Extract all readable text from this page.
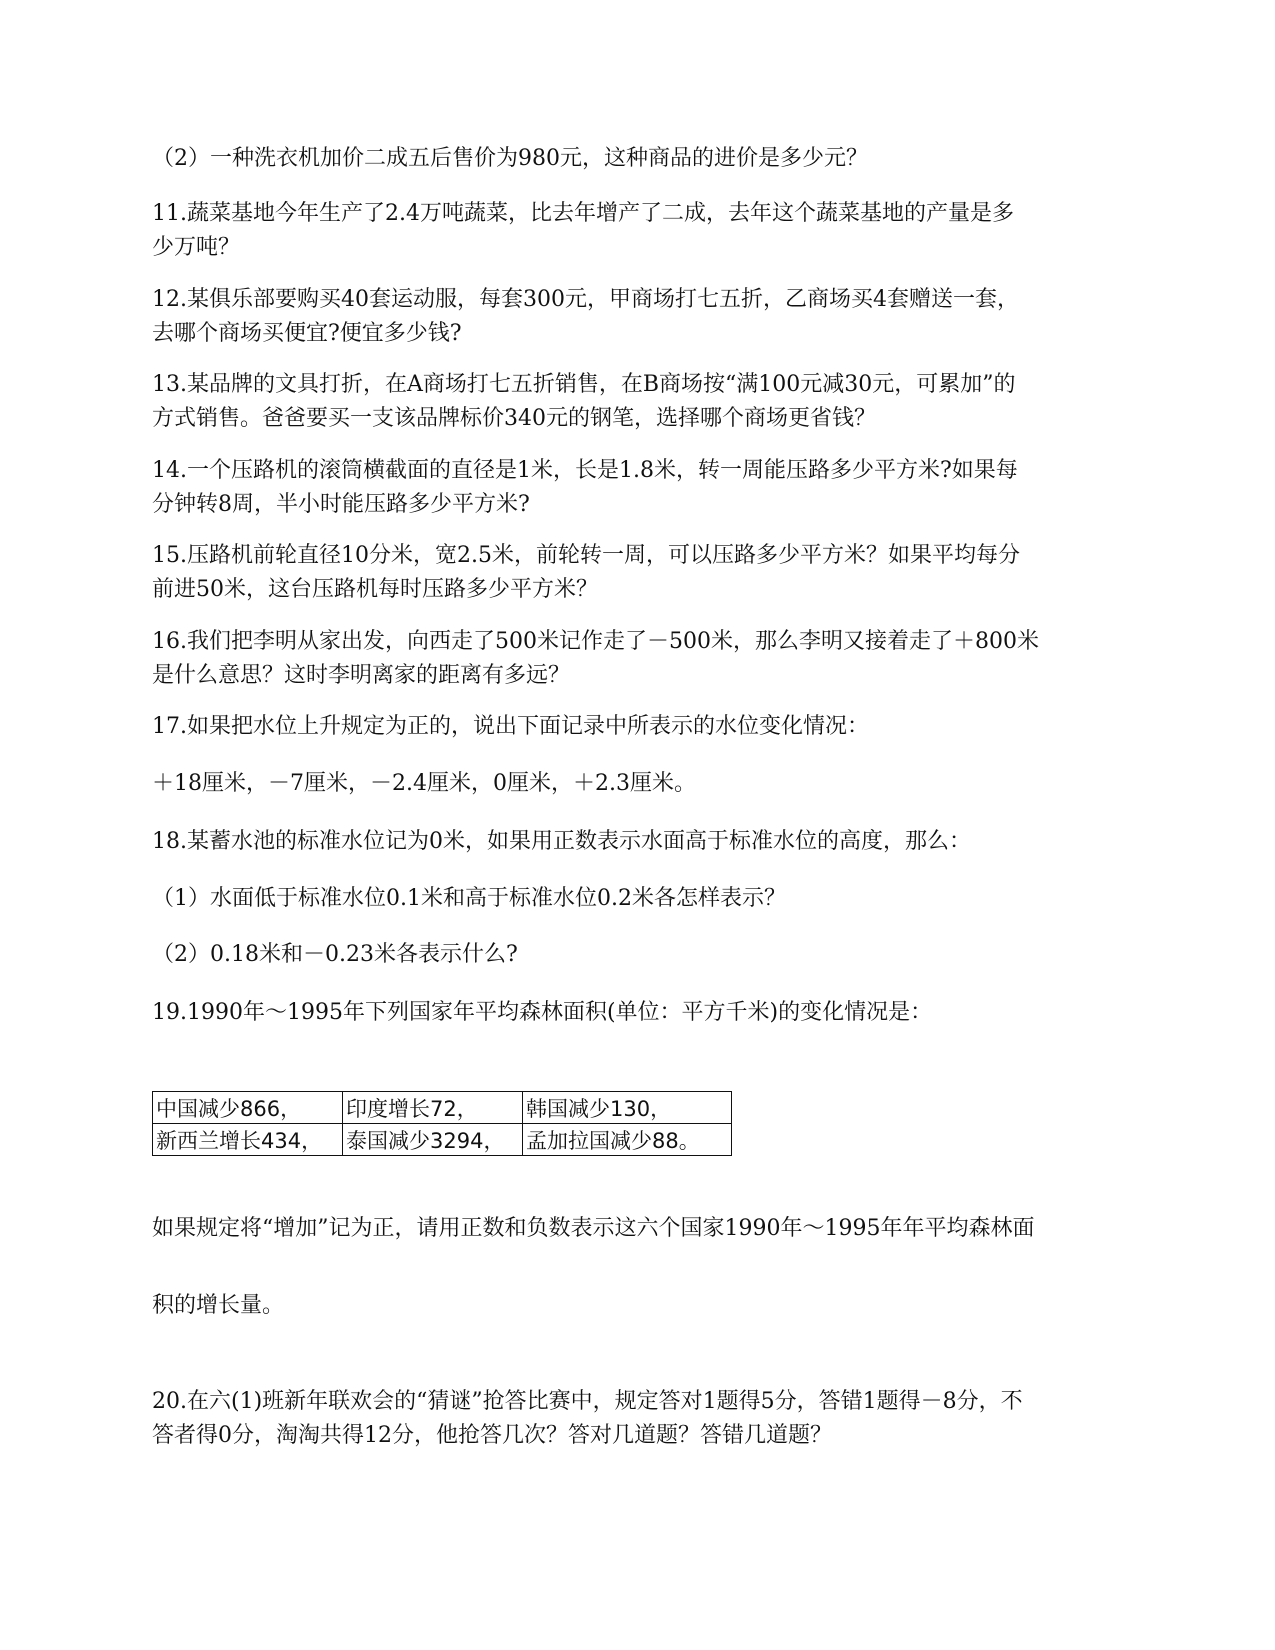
（2）一种洗衣机加价二成五后售价为980元，这种商品的进价是多少元？

11.蔬菜基地今年生产了2.4万吨蔬菜，比去年增产了二成，去年这个蔬菜基地的产量是多
少万吨？

12.某俱乐部要购买40套运动服，每套300元，甲商场打七五折，乙商场买4套赠送一套，
去哪个商场买便宜?便宜多少钱?

13.某品牌的文具打折，在A商场打七五折销售，在B商场按“满100元减30元，可累加”的
方式销售。爸爸要买一支该品牌标价340元的钢笔，选择哪个商场更省钱？

14.一个压路机的滚筒横截面的直径是1米，长是1.8米，转一周能压路多少平方米?如果每
分钟转8周，半小时能压路多少平方米?

15.压路机前轮直径10分米，宽2.5米，前轮转一周，可以压路多少平方米？如果平均每分
前进50米，这台压路机每时压路多少平方米？

16.我们把李明从家出发，向西走了500米记作走了－500米，那么李明又接着走了＋800米
是什么意思？这时李明离家的距离有多远？

17.如果把水位上升规定为正的，说出下面记录中所表示的水位变化情况：

＋18厘米，－7厘米，－2.4厘米，0厘米，＋2.3厘米。

18.某蓄水池的标准水位记为0米，如果用正数表示水面高于标准水位的高度，那么：

（1）水面低于标准水位0.1米和高于标准水位0.2米各怎样表示？

（2）0.18米和－0.23米各表示什么?

19.1990年～1995年下列国家年平均森林面积(单位：平方千米)的变化情况是：

中国减少866，	印度增长72，	韩国减少130，
新西兰增长434，	泰国减少3294，	孟加拉国减少88。

如果规定将“增加”记为正，请用正数和负数表示这六个国家1990年～1995年年平均森林面

积的增长量。

20.在六(1)班新年联欢会的“猜谜”抢答比赛中，规定答对1题得5分，答错1题得－8分，不
答者得0分，淘淘共得12分，他抢答几次？答对几道题？答错几道题？
